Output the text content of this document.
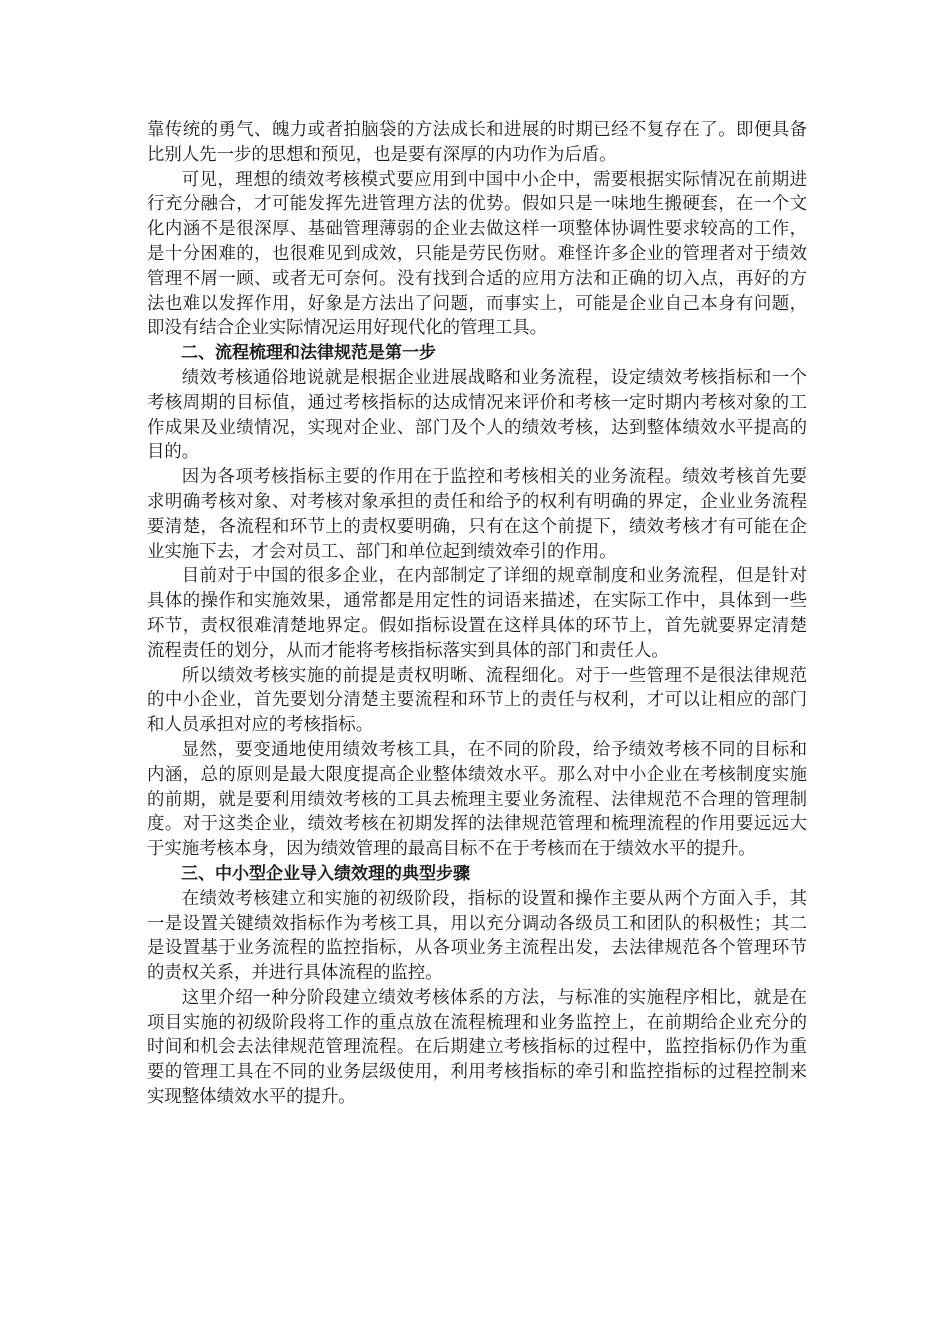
靠传统的勇气、魄力或者拍脑袋的方法成长和进展的时期已经不复存在了。即便具备比别人先一步的思想和预见，也是要有深厚的内功作为后盾。

可见，理想的绩效考核模式要应用到中国中小企中，需要根据实际情况在前期进行充分融合，才可能发挥先进管理方法的优势。假如只是一味地生搬硬套，在一个文化内涵不是很深厚、基础管理薄弱的企业去做这样一项整体协调性要求较高的工作，是十分困难的，也很难见到成效，只能是劳民伤财。难怪许多企业的管理者对于绩效管理不屑一顾、或者无可奈何。没有找到合适的应用方法和正确的切入点，再好的方法也难以发挥作用，好象是方法出了问题，而事实上，可能是企业自己本身有问题，即没有结合企业实际情况运用好现代化的管理工具。

二、流程梳理和法律规范是第一步

绩效考核通俗地说就是根据企业进展战略和业务流程，设定绩效考核指标和一个考核周期的目标值，通过考核指标的达成情况来评价和考核一定时期内考核对象的工作成果及业绩情况，实现对企业、部门及个人的绩效考核，达到整体绩效水平提高的目的。

因为各项考核指标主要的作用在于监控和考核相关的业务流程。绩效考核首先要求明确考核对象、对考核对象承担的责任和给予的权利有明确的界定，企业业务流程要清楚，各流程和环节上的责权要明确，只有在这个前提下，绩效考核才有可能在企业实施下去，才会对员工、部门和单位起到绩效牵引的作用。

目前对于中国的很多企业，在内部制定了详细的规章制度和业务流程，但是针对具体的操作和实施效果，通常都是用定性的词语来描述，在实际工作中，具体到一些环节，责权很难清楚地界定。假如指标设置在这样具体的环节上，首先就要界定清楚流程责任的划分，从而才能将考核指标落实到具体的部门和责任人。

所以绩效考核实施的前提是责权明晰、流程细化。对于一些管理不是很法律规范的中小企业，首先要划分清楚主要流程和环节上的责任与权利，才可以让相应的部门和人员承担对应的考核指标。

显然，要变通地使用绩效考核工具，在不同的阶段，给予绩效考核不同的目标和内涵，总的原则是最大限度提高企业整体绩效水平。那么对中小企业在考核制度实施的前期，就是要利用绩效考核的工具去梳理主要业务流程、法律规范不合理的管理制度。对于这类企业，绩效考核在初期发挥的法律规范管理和梳理流程的作用要远远大于实施考核本身，因为绩效管理的最高目标不在于考核而在于绩效水平的提升。

三、中小型企业导入绩效理的典型步骤

在绩效考核建立和实施的初级阶段，指标的设置和操作主要从两个方面入手，其一是设置关键绩效指标作为考核工具，用以充分调动各级员工和团队的积极性；其二是设置基于业务流程的监控指标，从各项业务主流程出发，去法律规范各个管理环节的责权关系，并进行具体流程的监控。

这里介绍一种分阶段建立绩效考核体系的方法，与标准的实施程序相比，就是在项目实施的初级阶段将工作的重点放在流程梳理和业务监控上，在前期给企业充分的时间和机会去法律规范管理流程。在后期建立考核指标的过程中，监控指标仍作为重要的管理工具在不同的业务层级使用，利用考核指标的牵引和监控指标的过程控制来实现整体绩效水平的提升。
